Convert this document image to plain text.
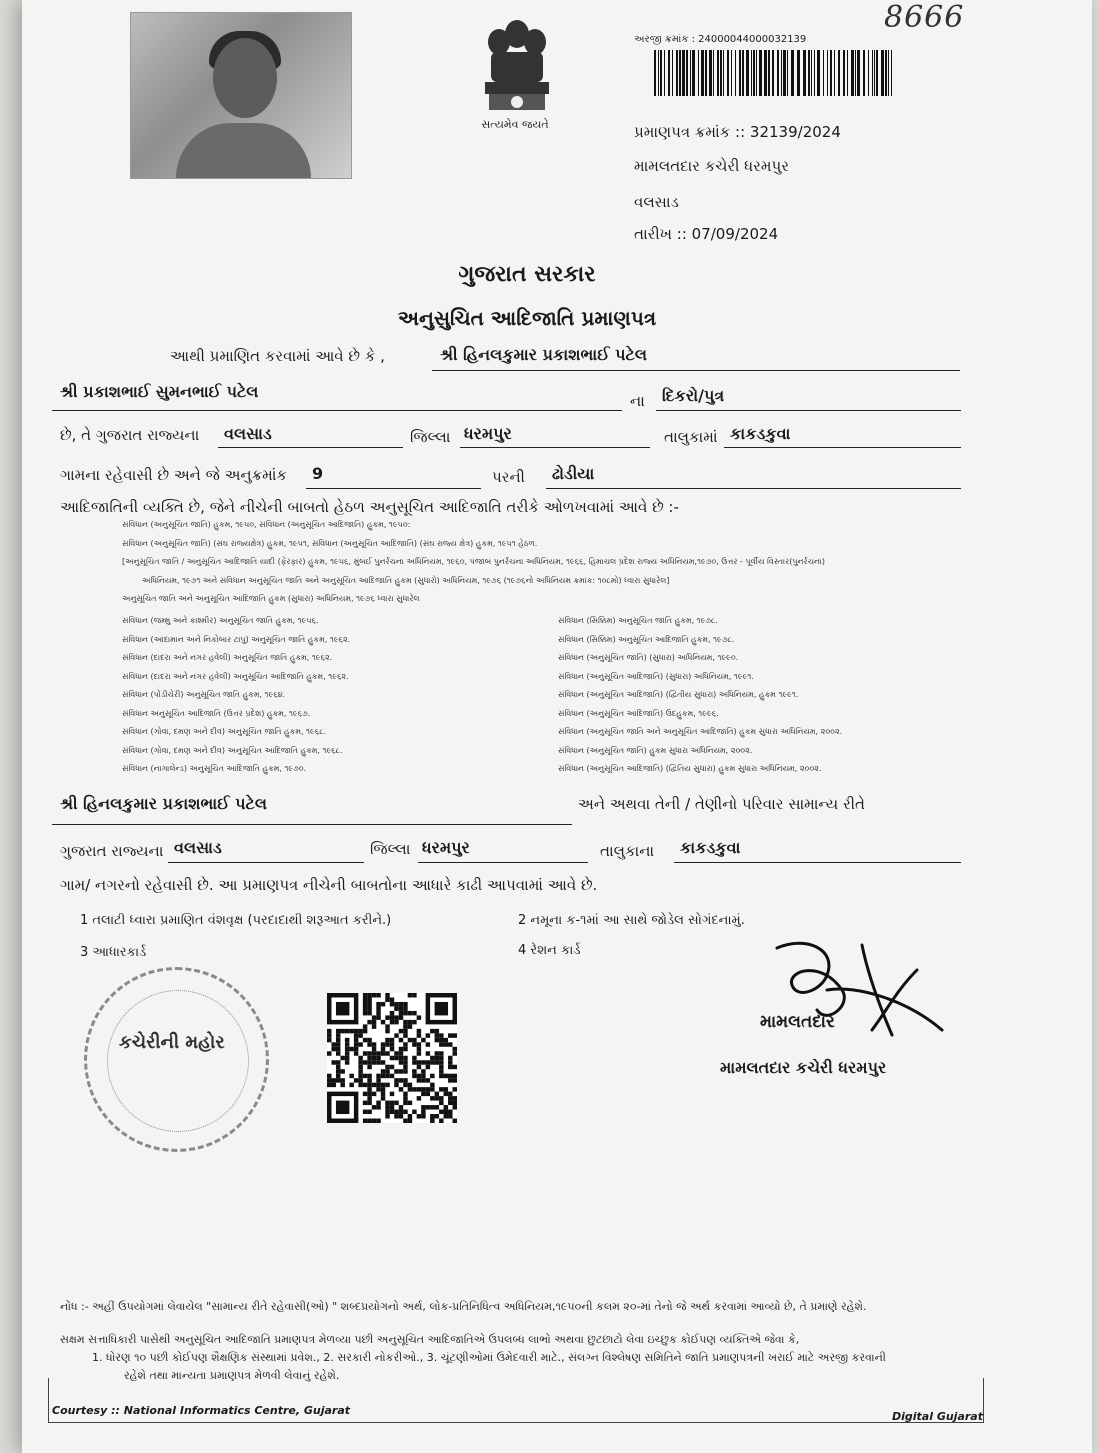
સત્યમેવ જયતે
8666
અરજી ક્રમાંક : 24000044000032139
પ્રમાણપત્ર ક્રમાંક :: 32139/2024
મામલતદાર કચેરી ધરમપુર
વલસાડ
તારીખ :: 07/09/2024
ગુજરાત સરકાર
અનુસુચિત આદિજાતિ પ્રમાણપત્ર
આથી પ્રમાણિત કરવામાં આવે છે કે ,	શ્રી હિનલકુમાર પ્રકાશભાઈ પટેલ
શ્રી પ્રકાશભાઈ સુમનભાઈ પટેલ	ના દિકરો/પુત્ર
છે, તે ગુજરાત રાજ્યના વલસાડ	જિલ્લા ધરમપુર	તાલુકામાં કાકડકુવા
ગામના રહેવાસી છે અને જે અનુક્રમાંક 9	પરની ઢોડીયા
આદિજાતિની વ્યક્તિ છે, જેને નીચેની બાબતો હેઠળ અનુસૂચિત આદિજાતિ તરીકે ઓળખવામાં આવે છે :-
સંવિધાન (અનુસૂચિત જાતિ) હુકમ, ૧૯૫૦, સંવિધાન (અનુસૂચિત આદિજાતિ) હુકમ, ૧૯૫૦:
સંવિધાન (અનુસૂચિત જાતિ) (સંઘ રાજ્યક્ષેત્ર) હુકમ, ૧૯૫૧, સંવિધાન (અનુસૂચિત આદિજાતિ) (સંઘ રાજ્ય ક્ષેત્ર) હુકમ, ૧૯૫૧ હેઠળ.
[અનુસૂચિત જાતિ / અનુસૂચિત આદિજાતિ યાદી (ફેરફાર) હુકમ, ૧૯૫૬, મુંબઈ પુનર્રચના અધિનિયમ, ૧૯૬૦, પંજાબ પુનર્રચના અધિનિયમ, ૧૯૬૬, હિમાચલ પ્રદેશ રાજ્ય અધિનિયમ,૧૯૭૦, ઉત્તર - પૂર્વીય વિસ્તાર(પુનર્રચના)
અધિનિયમ, ૧૯૭૧ અને સંવિધાન અનુસૂચિત જાતિ અને અનુસૂચિત આદિજાતિ હુકમ (સુધારો) અધિનિયમ, ૧૯૭૬ (૧૯૭૬નો અધિનિયમ ક્રમાંક: ૧૦૮મો) ધ્વારા સુધારેલ]
અનુસૂચિત જાતિ અને અનુસૂચિત આદિજાતિ હુકમ (સુધારા) અધિનિયમ, ૧૯૭૬ ધ્વારા સુધારેલ
સંવિધાન (જમ્મુ અને કાશ્મીર) અનુસૂચિત જાતિ હુકમ, ૧૯૫૬.
સંવિધાન (આંદામાન અને નિકોબાર ટાપુ) અનુસૂચિત જાતિ હુકમ, ૧૯૬૨.
સંવિધાન (દાદરા અને નગર હવેલી) અનુસૂચિત જાતિ હુકમ, ૧૯૬૨.
સંવિધાન (દાદરા અને નગર હવેલી) અનુસૂચિત આદિજાતિ હુકમ, ૧૯૬૨.
સંવિધાન (પોંડીચેરી) અનુસૂચિત જાતિ હુકમ, ૧૯૬૪.
સંવિધાન અનુસૂચિત આદિજાતિ (ઉત્તર પ્રદેશ) હુકમ, ૧૯૬૭.
સંવિધાન (ગોવા, દમણ અને દીવ) અનુસૂચિત જાતિ હુકમ, ૧૯૬૮.
સંવિધાન (ગોવા, દમણ અને દીવ) અનુસૂચિત આદિજાતિ હુકમ, ૧૯૬૮.
સંવિધાન (નાગાલેન્ડ) અનુસૂચિત આદિજાતિ હુકમ, ૧૯૭૦.
સંવિધાન (સિક્કિમ) અનુસૂચિત જાતિ હુકમ, ૧૯૭૮.
સંવિધાન (સિક્કિમ) અનુસૂચિત આદિજાતિ હુકમ, ૧૯૭૮.
સંવિધાન (અનુસૂચિત જાતિ) (સુધારા) અધિનિયમ, ૧૯૯૦.
સંવિધાન (અનુસૂચિત આદિજાતિ) (સુધારા) અધિનિયમ, ૧૯૯૧.
સંવિધાન (અનુસૂચિત આદિજાતિ) (દ્વિતીય સુધારા) અધિનિયમ, હુકમ ૧૯૯૧.
સંવિધાન (અનુસૂચિત આદિજાતિ) ઉદહુકમ, ૧૯૯૬.
સંવિધાન (અનુસૂચિત જાતિ અને અનુસૂચિત આદિજાતિ) હુકમ સુધારા અધિનિયમ, ૨૦૦૨.
સંવિધાન (અનુસૂચિત જાતિ) હુકમ સુધારા અધિનિયમ, ૨૦૦૨.
સંવિધાન (અનુસૂચિત આદિજાતિ) (દ્વિતિય સુધારા) હુકમ સુધારા અધિનિયમ, ૨૦૦૨.
શ્રી હિનલકુમાર પ્રકાશભાઈ પટેલ	અને અથવા તેની / તેણીનો પરિવાર સામાન્ય રીતે
ગુજરાત રાજ્યના વલસાડ	જિલ્લા ધરમપુર	તાલુકાના કાકડકુવા
ગામ/ નગરનો રહેવાસી છે. આ પ્રમાણપત્ર નીચેની બાબતોના આધારે કાઢી આપવામાં આવે છે.
1 તલાટી ધ્વારા પ્રમાણિત વંશવૃક્ષ (પરદાદાથી શરૂઆત કરીને.)	2 નમૂના ક-૧માં આ સાથે જોડેલ સોગંદનામું.
3 આધારકાર્ડ	4 રેશન કાર્ડ
કચેરીની મહોર
મામલતદાર
મામલતદાર કચેરી ધરમપુર
નોંધ :- અહીં ઉપયોગમાં લેવાયેલ "સામાન્ય રીતે રહેવાસી(ઓ) " શબ્દપ્રયોગનો અર્થ, લોક-પ્રતિનિધિત્વ અધિનિયમ,૧૯૫૦ની કલમ ૨૦-માં તેનો જે અર્થ કરવામાં આવ્યો છે, તે પ્રમાણે રહેશે.
સક્ષમ સત્તાધિકારી પાસેથી અનુસૂચિત આદિજાતિ પ્રમાણપત્ર મેળવ્યા પછી અનુસૂચિત આદિજાતિએ ઉપલબ્ધ લાભો અથવા છુટછાટો લેવા ઇચ્છુક કોઈપણ વ્યક્તિએ જેવા કે,
1. ધોરણ ૧૦ પછી કોઈપણ શૈક્ષણિક સંસ્થામાં પ્રવેશ., 2. સરકારી નોકરીઓ., 3. ચૂંટણીઓમાં ઉમેદવારી માટે., સંલગ્ન વિશ્લેષણ સમિતિને જાતિ પ્રમાણપત્રની ખરાઈ માટે અરજી કરવાની
રહેશે તથા માન્યતા પ્રમાણપત્ર મેળવી લેવાનું રહેશે.
Courtesy :: National Informatics Centre, Gujarat	Digital Gujarat
